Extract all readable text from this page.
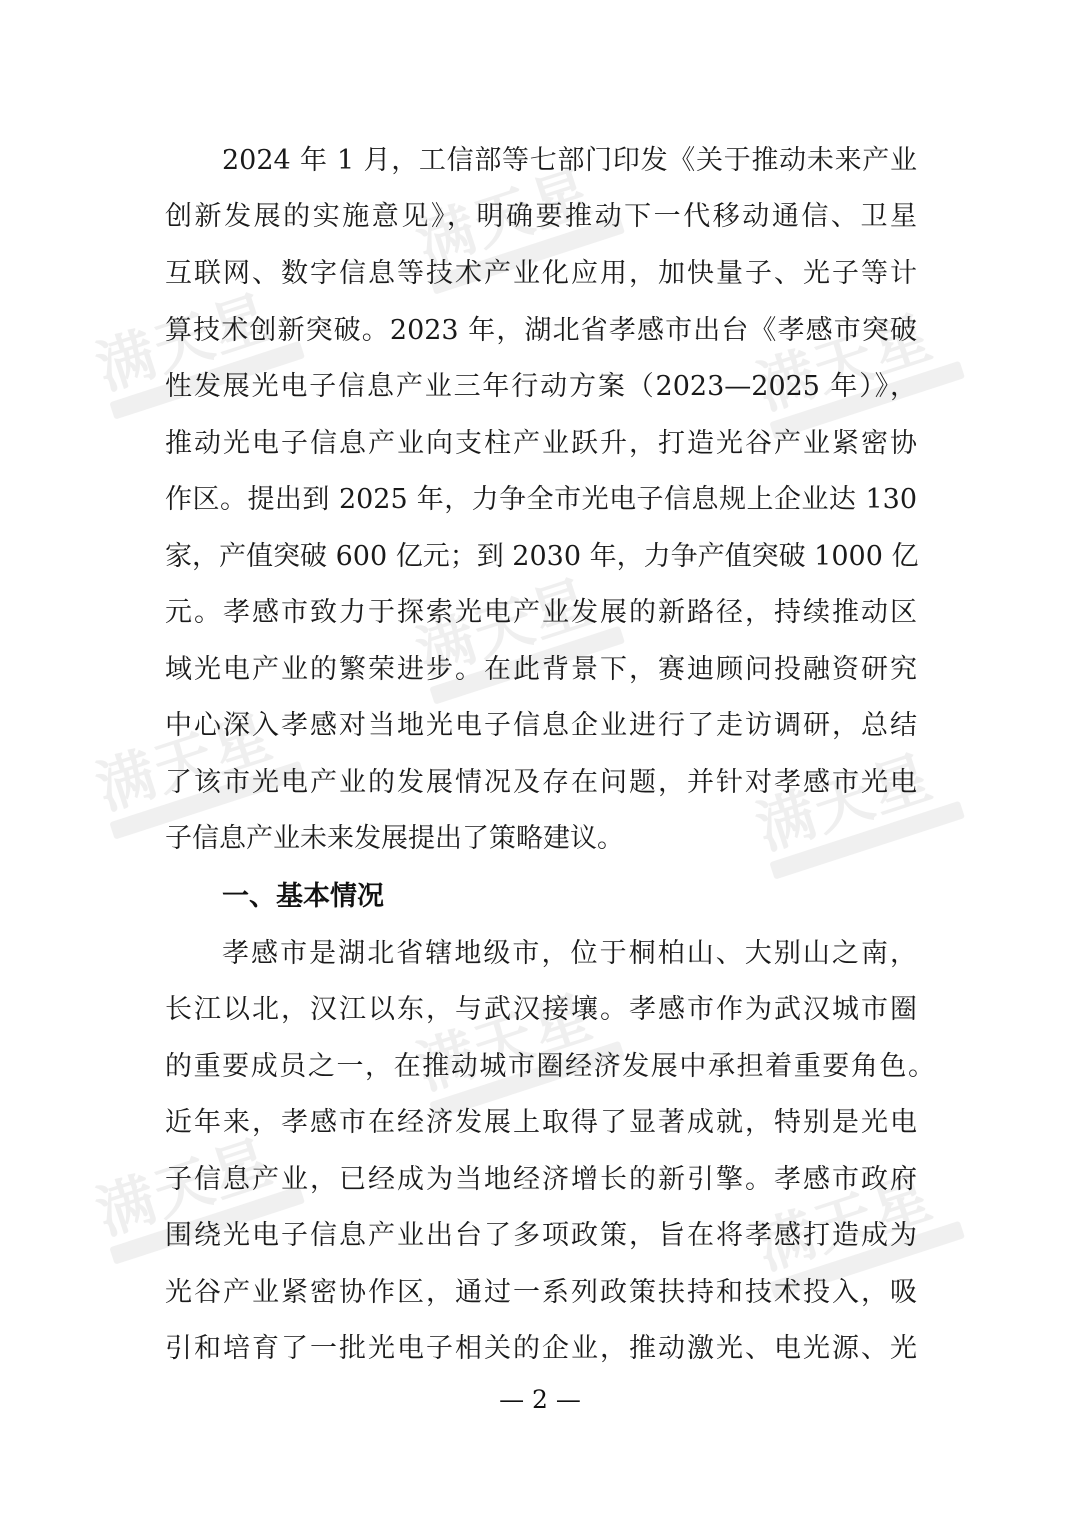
满天星
满天星	满天星
满天星
满天星	满天星
满天星
满天星	满天星
2024 年 1 月，工信部等七部门印发《关于推动未来产业
创新发展的实施意见》，明确要推动下一代移动通信、卫星
互联网、数字信息等技术产业化应用，加快量子、光子等计
算技术创新突破。2023 年，湖北省孝感市出台《孝感市突破
性发展光电子信息产业三年行动方案（2023—2025 年）》，
推动光电子信息产业向支柱产业跃升，打造光谷产业紧密协
作区。提出到 2025 年，力争全市光电子信息规上企业达 130
家，产值突破 600 亿元；到 2030 年，力争产值突破 1000 亿
元。孝感市致力于探索光电产业发展的新路径，持续推动区
域光电产业的繁荣进步。在此背景下，赛迪顾问投融资研究
中心深入孝感对当地光电子信息企业进行了走访调研，总结
了该市光电产业的发展情况及存在问题，并针对孝感市光电
子信息产业未来发展提出了策略建议。
一、基本情况
孝感市是湖北省辖地级市，位于桐柏山、大别山之南，
长江以北，汉江以东，与武汉接壤。孝感市作为武汉城市圈
的重要成员之一，在推动城市圈经济发展中承担着重要角色。
近年来，孝感市在经济发展上取得了显著成就，特别是光电
子信息产业，已经成为当地经济增长的新引擎。孝感市政府
围绕光电子信息产业出台了多项政策，旨在将孝感打造成为
光谷产业紧密协作区，通过一系列政策扶持和技术投入，吸
引和培育了一批光电子相关的企业，推动激光、电光源、光
— 2 —
